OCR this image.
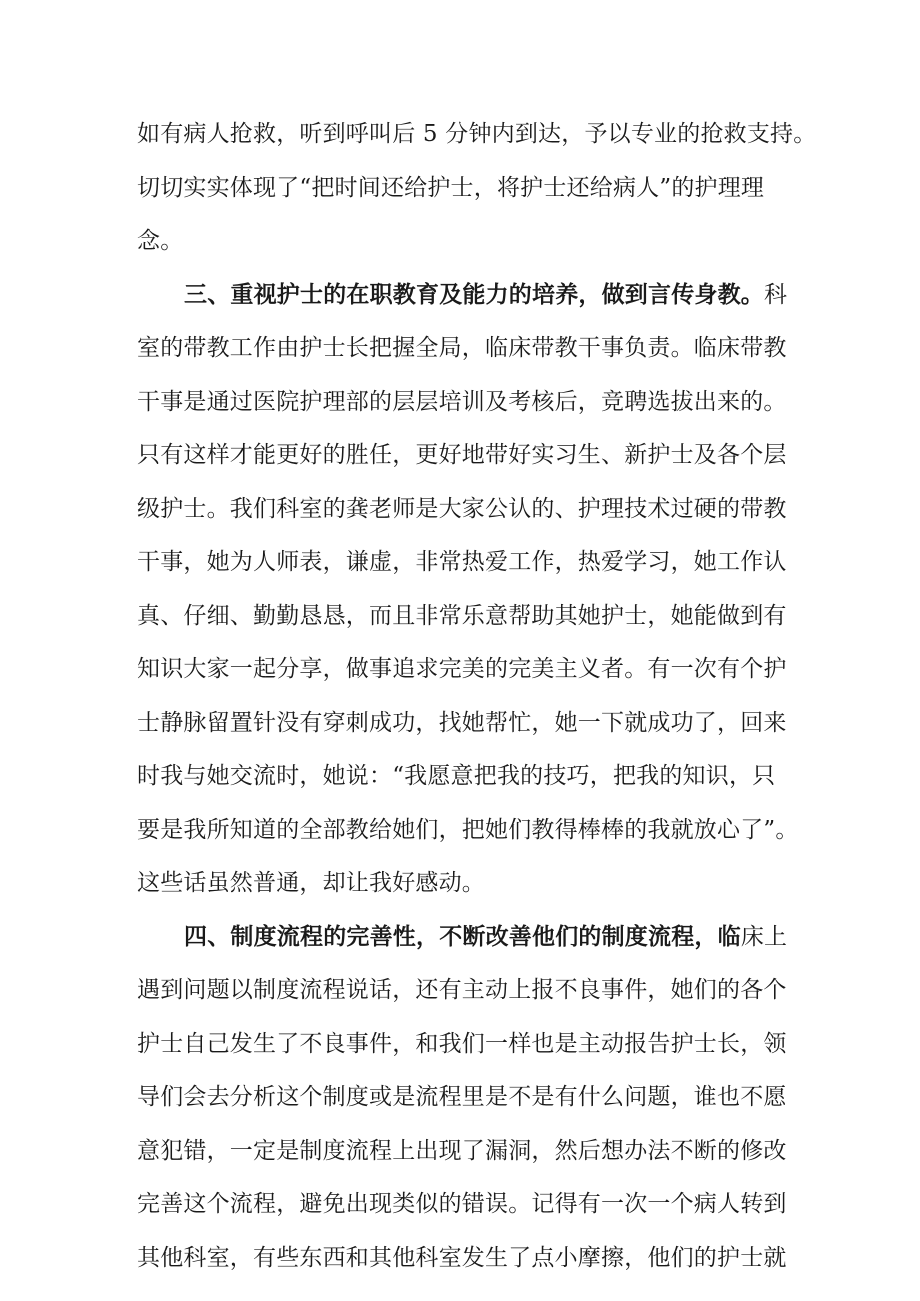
如有病人抢救，听到呼叫后 5 分钟内到达，予以专业的抢救支持。
切切实实体现了“把时间还给护士，将护士还给病人”的护理理
念。
三、重视护士的在职教育及能力的培养，做到言传身教。科
室的带教工作由护士长把握全局，临床带教干事负责。临床带教
干事是通过医院护理部的层层培训及考核后，竞聘选拔出来的。
只有这样才能更好的胜任，更好地带好实习生、新护士及各个层
级护士。我们科室的龚老师是大家公认的、护理技术过硬的带教
干事，她为人师表，谦虚，非常热爱工作，热爱学习，她工作认
真、仔细、勤勤恳恳，而且非常乐意帮助其她护士，她能做到有
知识大家一起分享，做事追求完美的完美主义者。有一次有个护
士静脉留置针没有穿刺成功，找她帮忙，她一下就成功了，回来
时我与她交流时，她说：“我愿意把我的技巧，把我的知识，只
要是我所知道的全部教给她们，把她们教得棒棒的我就放心了”。
这些话虽然普通，却让我好感动。
四、制度流程的完善性，不断改善他们的制度流程，临床上
遇到问题以制度流程说话，还有主动上报不良事件，她们的各个
护士自己发生了不良事件，和我们一样也是主动报告护士长，领
导们会去分析这个制度或是流程里是不是有什么问题，谁也不愿
意犯错，一定是制度流程上出现了漏洞，然后想办法不断的修改
完善这个流程，避免出现类似的错误。记得有一次一个病人转到
其他科室，有些东西和其他科室发生了点小摩擦，他们的护士就
